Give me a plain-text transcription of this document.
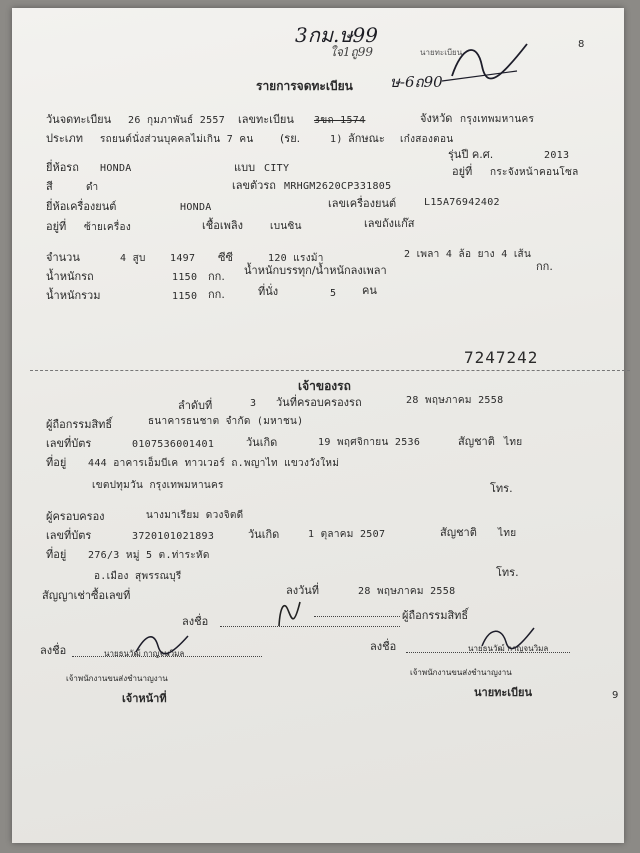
8
3กม.ษ99
ใจ1ถู99	นายทะเบียน
รายการจดทะเบียน ษ-6ถ90
วันจดทะเบียน 26 กุมภาพันธ์ 2557 เลขทะเบียน 3ขถ 1574	จังหวัด กรุงเทพมหานคร
ประเภท รถยนต์นั่งส่วนบุคคลไม่เกิน 7 คน (รย.	1) ลักษณะ เก๋งสองตอน
รุ่นปี ค.ศ.	2013
ยี่ห้อรถ HONDA	แบบ CITY	อยู่ที่ กระจังหน้าคอนโซล
สี	ดำ	เลขตัวรถ MRHGM2620CP331805
ยี่ห้อเครื่องยนต์	HONDA	เลขเครื่องยนต์	L15A76942402
อยู่ที่ ซ้ายเครื่อง	เชื้อเพลิง	เบนซิน	เลขถังแก๊ส
จำนวน	4 สูบ 1497 ซีซี	120 แรงม้า	2 เพลา 4 ล้อ ยาง 4 เส้น
น้ำหนักรถ	1150 กก. น้ำหนักบรรทุก/น้ำหนักลงเพลา	กก.
น้ำหนักรวม	1150 กก.	ที่นั่ง	5 คน
7247242
เจ้าของรถ
ลำดับที่	3 วันที่ครอบครองรถ	28 พฤษภาคม 2558
ผู้ถือกรรมสิทธิ์	ธนาคารธนชาต จำกัด (มหาชน)
เลขที่บัตร	0107536001401	วันเกิด	19 พฤศจิกายน 2536	สัญชาติ ไทย
ที่อยู่ 444 อาคารเอ็มบีเค ทาวเวอร์ ถ.พญาไท แขวงวังใหม่
เขตปทุมวัน กรุงเทพมหานคร	โทร.
ผู้ครอบครอง	นางมาเรียม ดวงจิตดี
เลขที่บัตร	3720101021893	วันเกิด	1 ตุลาคม 2507	สัญชาติ ไทย
ที่อยู่ 276/3 หมู่ 5 ต.ท่าระหัด
อ.เมือง สุพรรณบุรี	โทร.
สัญญาเช่าซื้อเลขที่	ลงวันที่	28 พฤษภาคม 2558
ลงชื่อ	ผู้ถือกรรมสิทธิ์
ลงชื่อ	นายธนวัฒ์ กาญจนวิมล
เจ้าพนักงานขนส่งชำนาญงาน
เจ้าหน้าที่
ลงชื่อ	นายธนวัฒ์ กาญจนวิมล
เจ้าพนักงานขนส่งชำนาญงาน
นายทะเบียน	9
